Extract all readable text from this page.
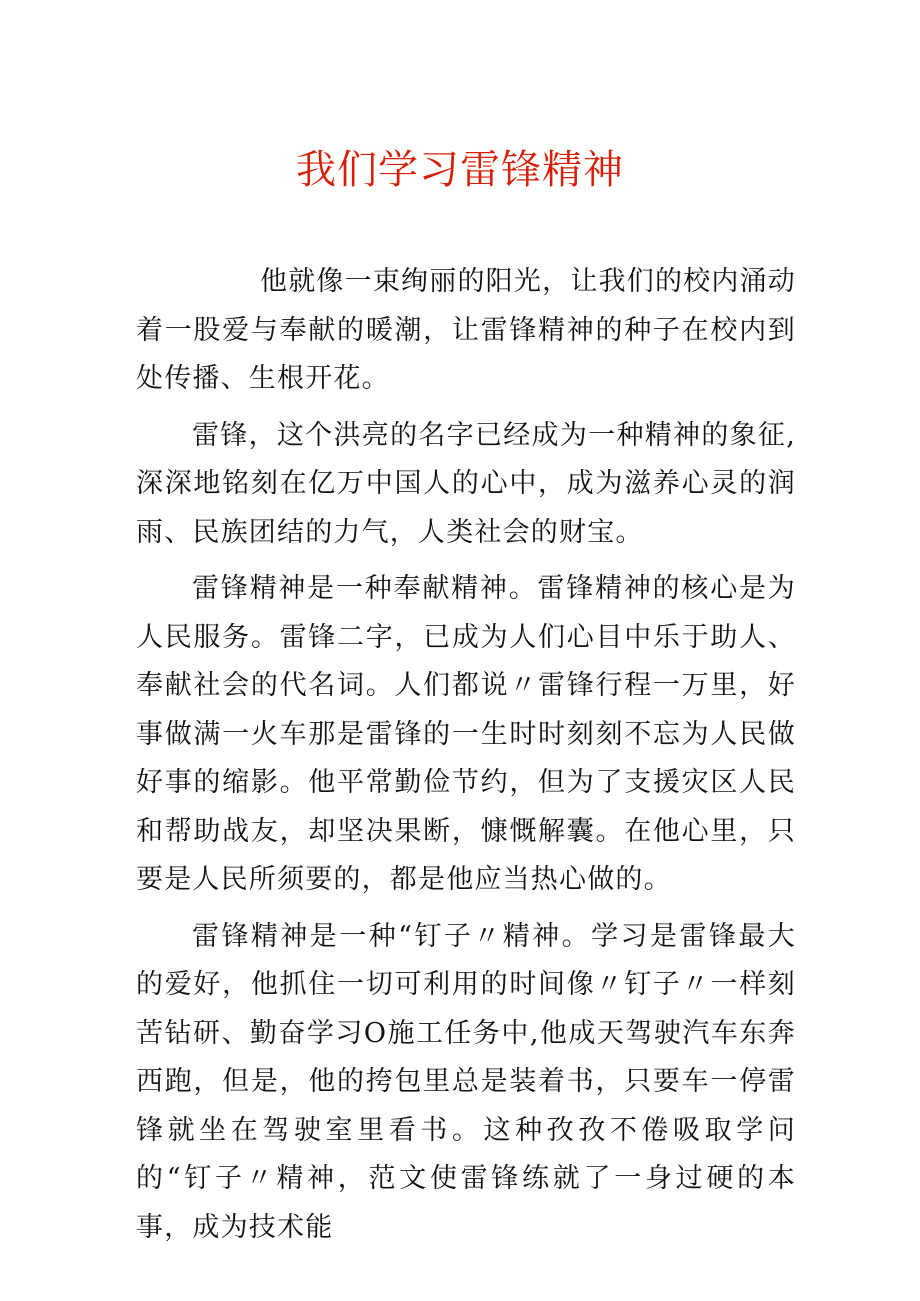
我们学习雷锋精神

他就像一束绚丽的阳光，让我们的校内涌动着一股爱与奉献的暖潮，让雷锋精神的种子在校内到处传播、生根开花。

雷锋，这个洪亮的名字已经成为一种精神的象征,深深地铭刻在亿万中国人的心中，成为滋养心灵的润雨、民族团结的力气，人类社会的财宝。

雷锋精神是一种奉献精神。雷锋精神的核心是为人民服务。雷锋二字，已成为人们心目中乐于助人、奉献社会的代名词。人们都说〃雷锋行程一万里，好事做满一火车那是雷锋的一生时时刻刻不忘为人民做好事的缩影。他平常勤俭节约，但为了支援灾区人民和帮助战友，却坚决果断，慷慨解囊。在他心里，只要是人民所须要的，都是他应当热心做的。

雷锋精神是一种“钉子〃精神。学习是雷锋最大的爱好，他抓住一切可利用的时间像〃钉子〃一样刻苦钻研、勤奋学习O施工任务中,他成天驾驶汽车东奔西跑，但是，他的挎包里总是装着书，只要车一停雷锋就坐在驾驶室里看书。这种孜孜不倦吸取学问的“钉子〃精神，范文使雷锋练就了一身过硬的本事，成为技术能
